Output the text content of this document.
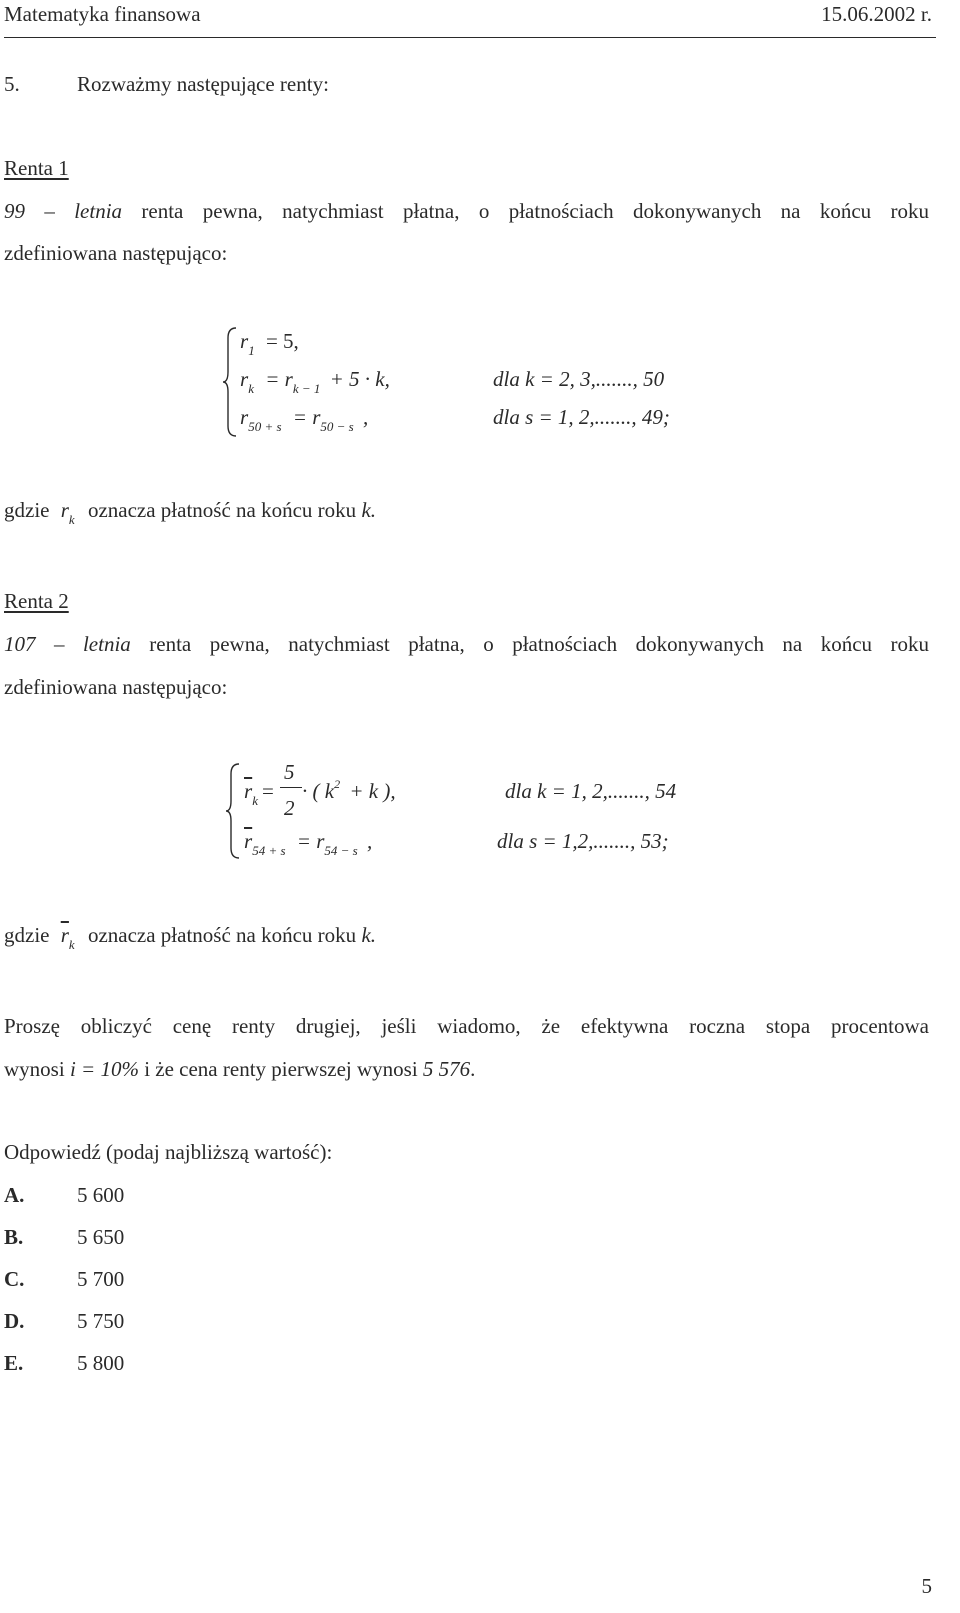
Matematyka finansowa	15.06.2002 r.
5.	Rozważmy następujące renty:
Renta 1
99 – letnia renta pewna, natychmiast płatna, o płatnościach dokonywanych na końcu roku
zdefiniowana następująco:
$r_1 = 5$,
$r_k = r_{k - 1} + 5 \cdot k$,	dla k = 2, 3,......., 50
$r_{50 + s} = r_{50 - s}$ ,	dla s = 1, 2,......., 49;
gdzie $r_k$ oznacza płatność na końcu roku k.
Renta 2
107 – letnia renta pewna, natychmiast płatna, o płatnościach dokonywanych na końcu roku
zdefiniowana następująco:
$\overline{r}_k$ =
5
2
· ( $k^2 + k$ ),	dla k = 1, 2,......., 54
$\overline{r}_{54 + s} = r_{54 - s}$ ,	dla s = 1,2,......., 53;
gdzie $\overline{r}_k$ oznacza płatność na końcu roku k.
Proszę obliczyć cenę renty drugiej, jeśli wiadomo, że efektywna roczna stopa procentowa
wynosi i = 10% i że cena renty pierwszej wynosi 5 576.
Odpowiedź (podaj najbliższą wartość):
A.	5 600
B.	5 650
C.	5 700
D.	5 750
E.	5 800
5
